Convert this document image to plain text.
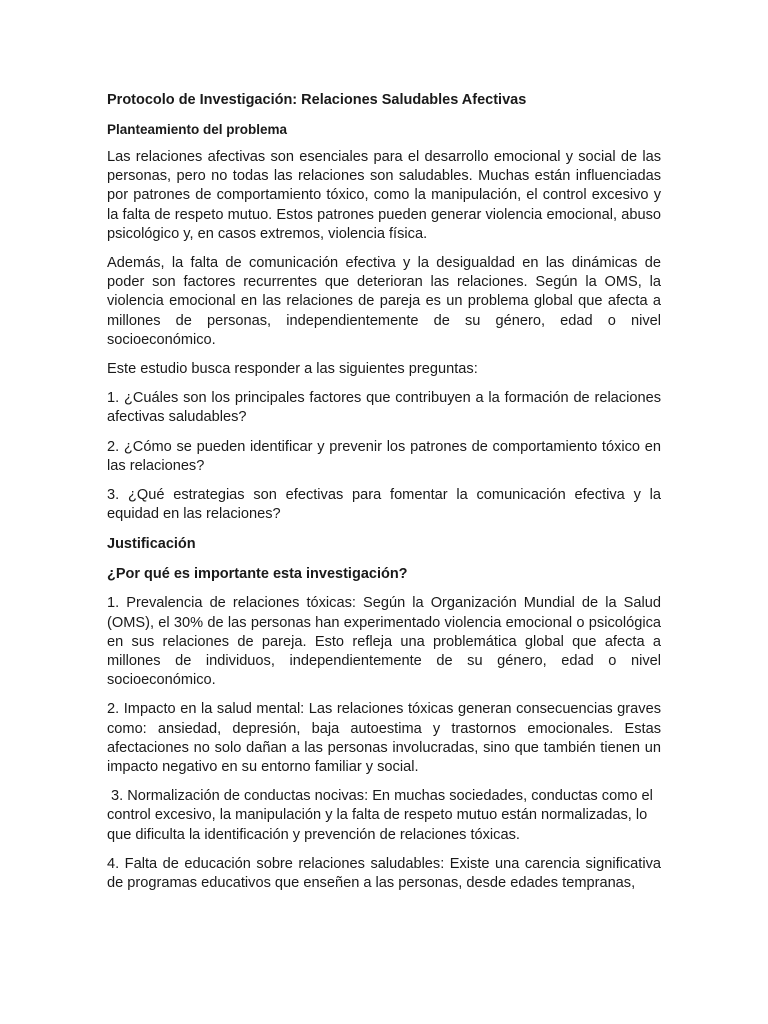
Protocolo de Investigación: Relaciones Saludables Afectivas
Planteamiento del problema

Las relaciones afectivas son esenciales para el desarrollo emocional y social de las personas, pero no todas las relaciones son saludables. Muchas están influenciadas por patrones de comportamiento tóxico, como la manipulación, el control excesivo y la falta de respeto mutuo. Estos patrones pueden generar violencia emocional, abuso psicológico y, en casos extremos, violencia física.

Además, la falta de comunicación efectiva y la desigualdad en las dinámicas de poder son factores recurrentes que deterioran las relaciones. Según la OMS, la violencia emocional en las relaciones de pareja es un problema global que afecta a millones de personas, independientemente de su género, edad o nivel socioeconómico.

Este estudio busca responder a las siguientes preguntas:

1. ¿Cuáles son los principales factores que contribuyen a la formación de relaciones afectivas saludables?

2. ¿Cómo se pueden identificar y prevenir los patrones de comportamiento tóxico en las relaciones?

3. ¿Qué estrategias son efectivas para fomentar la comunicación efectiva y la equidad en las relaciones?

Justificación
¿Por qué es importante esta investigación?

1. Prevalencia de relaciones tóxicas: Según la Organización Mundial de la Salud (OMS), el 30% de las personas han experimentado violencia emocional o psicológica en sus relaciones de pareja. Esto refleja una problemática global que afecta a millones de individuos, independientemente de su género, edad o nivel socioeconómico.

2. Impacto en la salud mental: Las relaciones tóxicas generan consecuencias graves como: ansiedad, depresión, baja autoestima y trastornos emocionales. Estas afectaciones no solo dañan a las personas involucradas, sino que también tienen un impacto negativo en su entorno familiar y social.

3. Normalización de conductas nocivas: En muchas sociedades, conductas como el control excesivo, la manipulación y la falta de respeto mutuo están normalizadas, lo que dificulta la identificación y prevención de relaciones tóxicas.

4. Falta de educación sobre relaciones saludables: Existe una carencia significativa de programas educativos que enseñen a las personas, desde edades tempranas,
